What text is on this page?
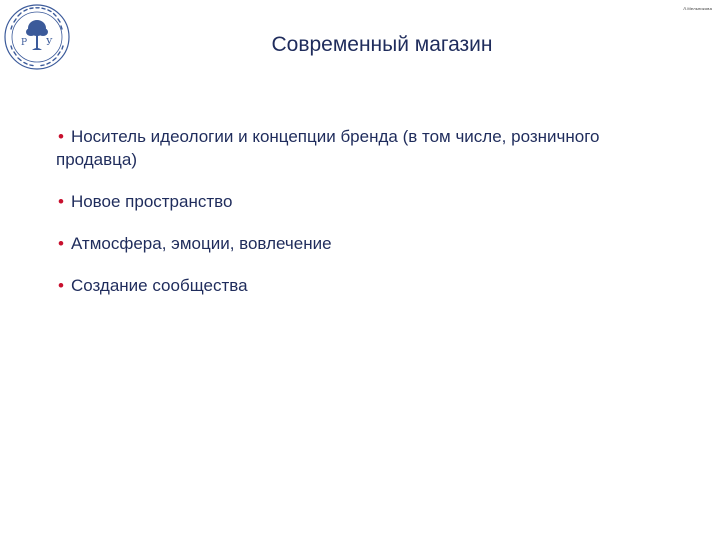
Р У
Л.Мельникова
Современный магазин
• Носитель идеологии и концепции бренда (в том числе, розничного продавца)
• Новое пространство
• Атмосфера, эмоции, вовлечение
• Создание сообщества
